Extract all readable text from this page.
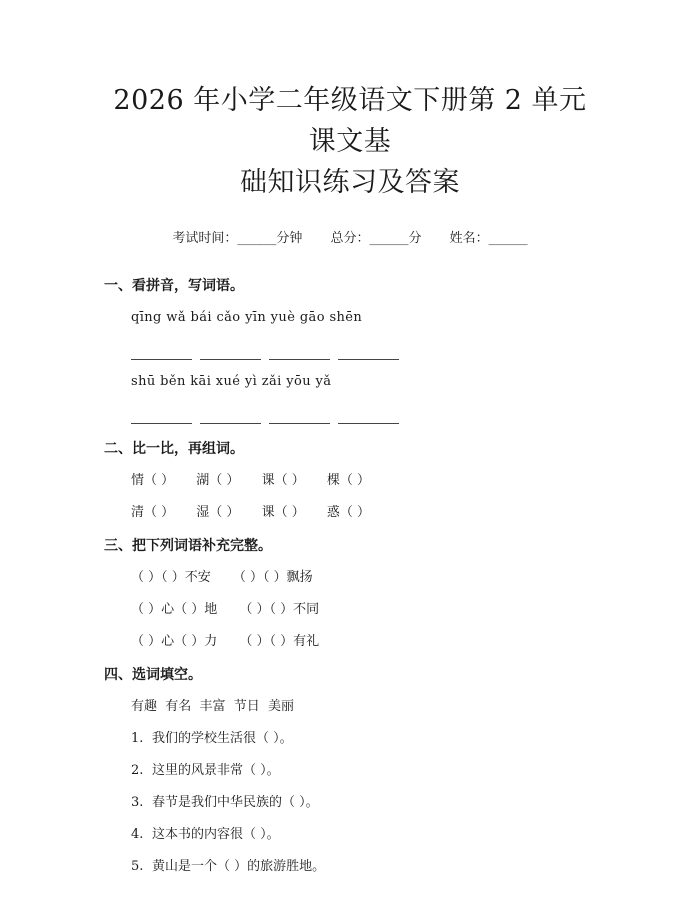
2026 年小学二年级语文下册第 2 单元课文基
础知识练习及答案
考试时间：______分钟 总分：______分 姓名：______
一、看拼音，写词语。
qīng wǎ bái cǎo yīn yuè gāo shēn
shū běn kāi xué yì zǎi yōu yǎ
二、比一比，再组词。
情（ ） 湖（ ） 课（ ） 棵（ ）
清（ ） 湿（ ） 课（ ） 惑（ ）
三、把下列词语补充完整。
（ ）（ ）不安 （ ）（ ）飘扬
（ ）心（ ）地 （ ）（ ）不同
（ ）心（ ）力 （ ）（ ）有礼
四、选词填空。
有趣  有名  丰富  节日  美丽
1. 我们的学校生活很（ ）。
2. 这里的风景非常（ ）。
3. 春节是我们中华民族的（ ）。
4. 这本书的内容很（ ）。
5. 黄山是一个（ ）的旅游胜地。
